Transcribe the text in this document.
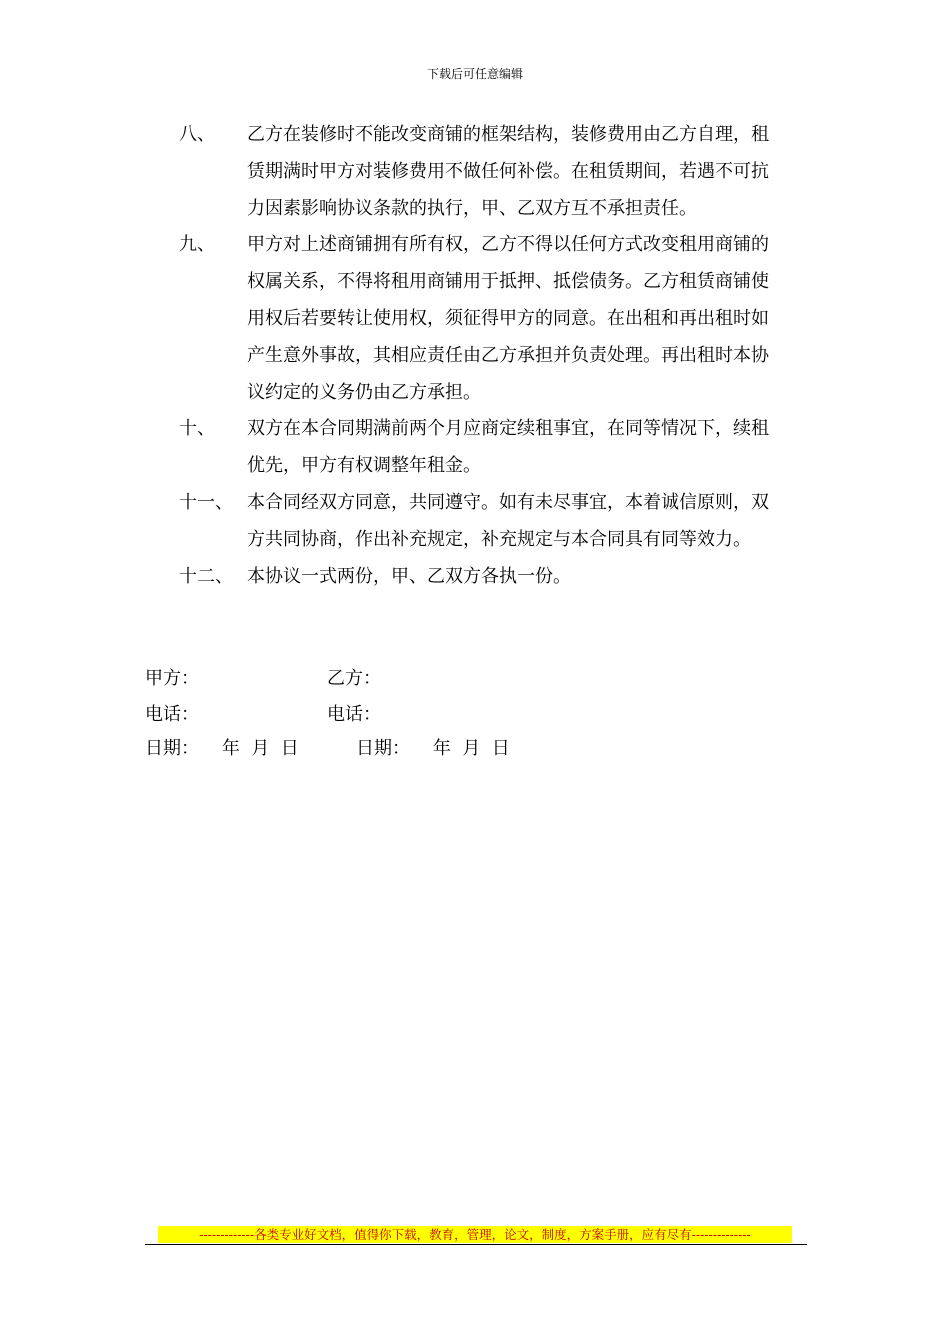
下载后可任意编辑
八、	乙方在装修时不能改变商铺的框架结构，装修费用由乙方自理，租
赁期满时甲方对装修费用不做任何补偿。在租赁期间，若遇不可抗
力因素影响协议条款的执行，甲、乙双方互不承担责任。
九、	甲方对上述商铺拥有所有权，乙方不得以任何方式改变租用商铺的
权属关系，不得将租用商铺用于抵押、抵偿债务。乙方租赁商铺使
用权后若要转让使用权，须征得甲方的同意。在出租和再出租时如
产生意外事故，其相应责任由乙方承担并负责处理。再出租时本协
议约定的义务仍由乙方承担。
十、	双方在本合同期满前两个月应商定续租事宜，在同等情况下，续租
优先，甲方有权调整年租金。
十一、 本合同经双方同意，共同遵守。如有未尽事宜，本着诚信原则，双
方共同协商，作出补充规定，补充规定与本合同具有同等效力。
十二、 本协议一式两份，甲、乙双方各执一份。
甲方：	乙方：
电话：	电话：
日期：    年  月  日	日期：    年  月  日
-------------各类专业好文档，值得你下载，教育，管理，论文，制度，方案手册，应有尽有--------------
